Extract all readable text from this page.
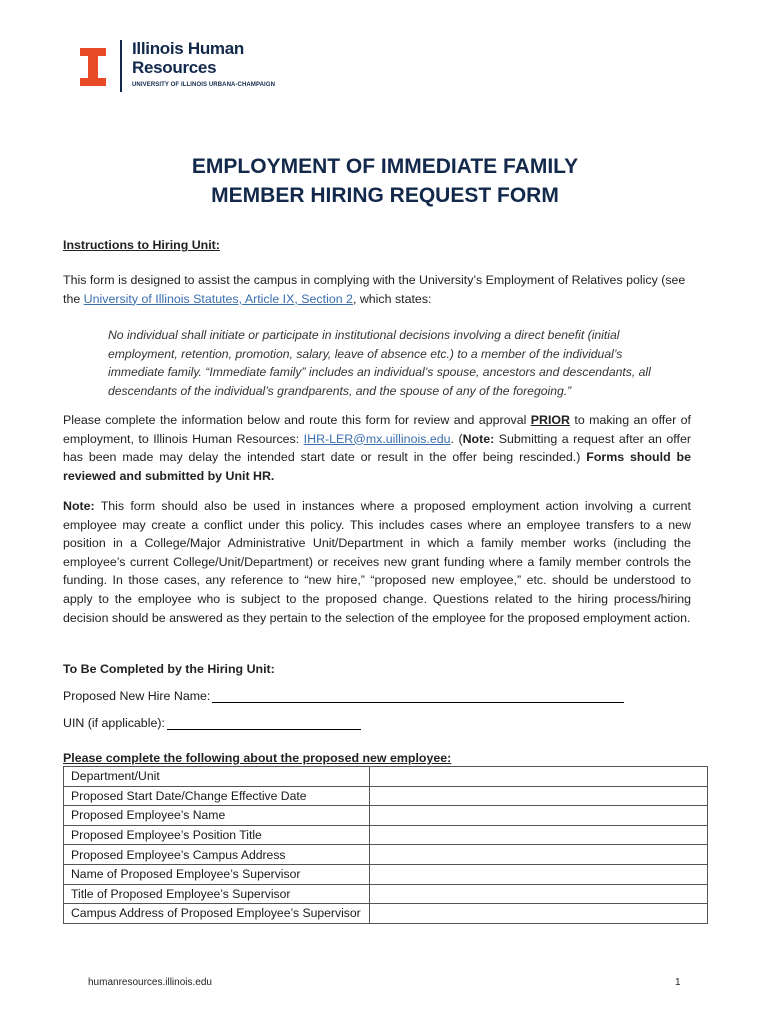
Illinois Human
Resources
UNIVERSITY OF ILLINOIS URBANA-CHAMPAIGN
EMPLOYMENT OF IMMEDIATE FAMILY
MEMBER HIRING REQUEST FORM
Instructions to Hiring Unit:
This form is designed to assist the campus in complying with the University’s Employment of Relatives policy (see the University of Illinois Statutes, Article IX, Section 2, which states:
No individual shall initiate or participate in institutional decisions involving a direct benefit (initial employment, retention, promotion, salary, leave of absence etc.) to a member of the individual’s immediate family. “Immediate family” includes an individual’s spouse, ancestors and descendants, all descendants of the individual’s grandparents, and the spouse of any of the foregoing.”
Please complete the information below and route this form for review and approval PRIOR to making an offer of employment, to Illinois Human Resources: IHR-LER@mx.uillinois.edu. (Note: Submitting a request after an offer has been made may delay the intended start date or result in the offer being rescinded.) Forms should be reviewed and submitted by Unit HR.
Note: This form should also be used in instances where a proposed employment action involving a current employee may create a conflict under this policy. This includes cases where an employee transfers to a new position in a College/Major Administrative Unit/Department in which a family member works (including the employee’s current College/Unit/Department) or receives new grant funding where a family member controls the funding. In those cases, any reference to “new hire,” “proposed new employee,” etc. should be understood to apply to the employee who is subject to the proposed change. Questions related to the hiring process/hiring decision should be answered as they pertain to the selection of the employee for the proposed employment action.
To Be Completed by the Hiring Unit:
Proposed New Hire Name:
UIN (if applicable):
Please complete the following about the proposed new employee:
Department/Unit	
Proposed Start Date/Change Effective Date	
Proposed Employee’s Name	
Proposed Employee’s Position Title	
Proposed Employee’s Campus Address	
Name of Proposed Employee’s Supervisor	
Title of Proposed Employee’s Supervisor	
Campus Address of Proposed Employee’s Supervisor	
humanresources.illinois.edu	1
